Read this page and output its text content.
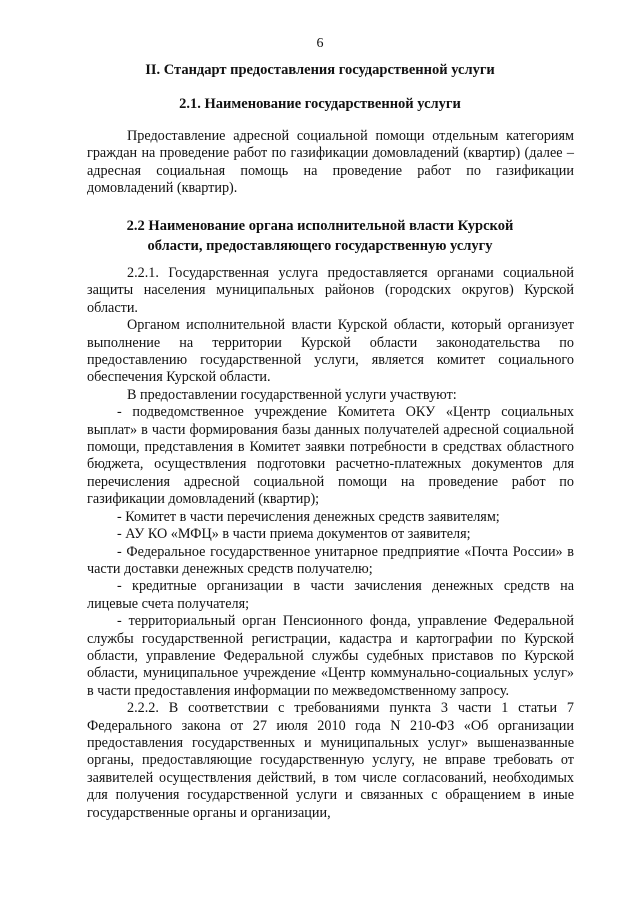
6
II. Стандарт предоставления государственной услуги
2.1. Наименование государственной услуги

Предоставление адресной социальной помощи отдельным категориям граждан на проведение работ по газификации домовладений (квартир) (далее – адресная социальная помощь на проведение работ по газификации домовладений (квартир).

2.2 Наименование органа исполнительной власти Курской
области, предоставляющего государственную услугу

2.2.1. Государственная услуга предоставляется органами социальной защиты населения муниципальных районов (городских округов) Курской области.

Органом исполнительной власти Курской области, который организует выполнение на территории Курской области законодательства по предоставлению государственной услуги, является комитет социального обеспечения Курской области.

В предоставлении государственной услуги участвуют:

- подведомственное учреждение Комитета ОКУ «Центр социальных выплат» в части формирования базы данных получателей адресной социальной помощи, представления в Комитет заявки потребности в средствах областного бюджета, осуществления подготовки расчетно-платежных документов для перечисления адресной социальной помощи на проведение работ по газификации домовладений (квартир);

- Комитет в части перечисления денежных средств заявителям;

- АУ КО «МФЦ» в части приема документов от заявителя;

- Федеральное государственное унитарное предприятие «Почта России» в части доставки денежных средств получателю;

- кредитные организации в части зачисления денежных средств на лицевые счета получателя;

- территориальный орган Пенсионного фонда, управление Федеральной службы государственной регистрации, кадастра и картографии по Курской области, управление Федеральной службы судебных приставов по Курской области, муниципальное учреждение «Центр коммунально-социальных услуг» в части предоставления информации по межведомственному запросу.

2.2.2. В соответствии с требованиями пункта 3 части 1 статьи 7 Федерального закона от 27 июля 2010 года N 210-ФЗ «Об организации предоставления государственных и муниципальных услуг» вышеназванные органы, предоставляющие государственную услугу, не вправе требовать от заявителей осуществления действий, в том числе согласований, необходимых для получения государственной услуги и связанных с обращением в иные государственные органы и организации,
